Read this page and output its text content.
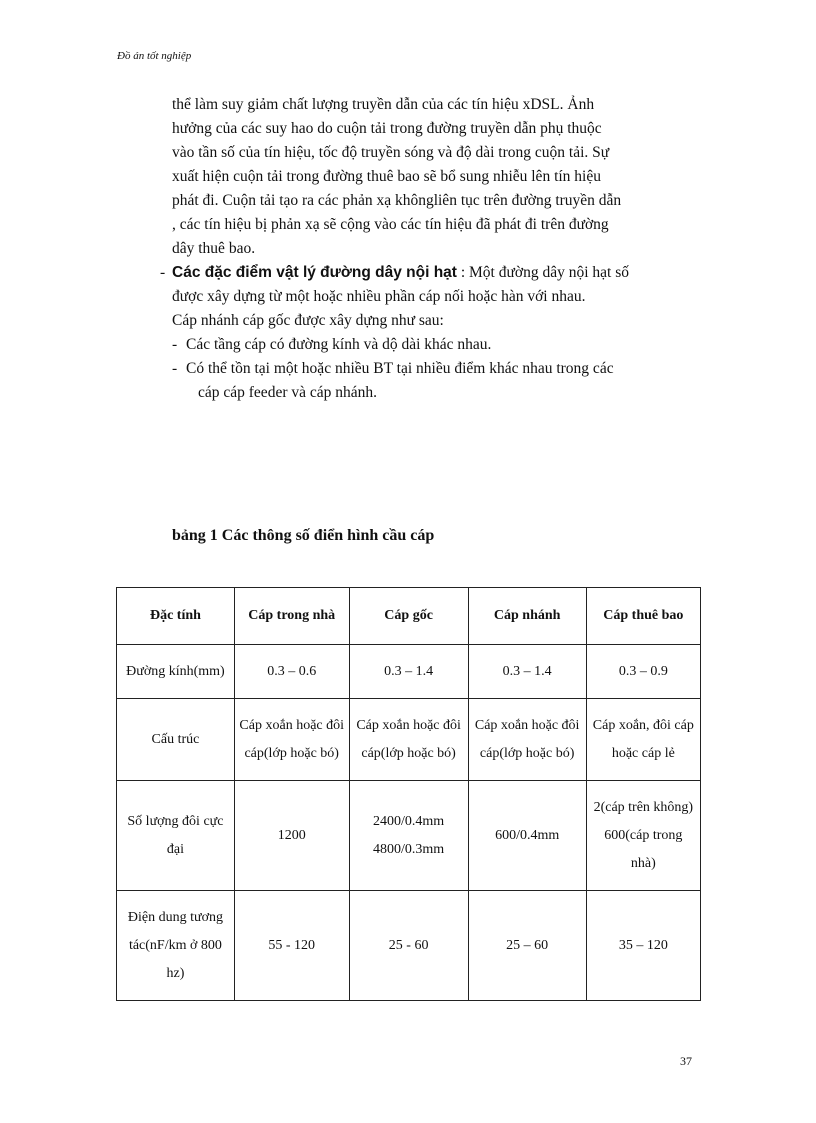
Đồ án tốt nghiệp
thể làm suy giảm chất lượng truyền dẫn của các tín hiệu xDSL. Ảnh
hưởng của các suy hao do cuộn tải trong đường truyền dẫn phụ thuộc
vào tần số của tín hiệu, tốc độ truyền sóng và độ dài trong cuộn tải. Sự
xuất hiện cuộn tải trong đường thuê bao sẽ bổ sung nhiễu lên tín hiệu
phát đi. Cuộn tải tạo ra các phản xạ khôngliên tục trên đường truyền dẫn
, các tín hiệu bị phản xạ sẽ cộng vào các tín hiệu đã phát đi trên đường
dây thuê bao.
- Các đặc điểm vật lý đường dây nội hạt : Một đường dây nội hạt số
được xây dựng từ một hoặc nhiều phần cáp nối hoặc hàn với nhau.
Cáp nhánh cáp gốc được xây dựng như sau:
- Các tầng cáp có đường kính và dộ dài khác nhau.
- Có thể tồn tại một hoặc nhiều BT tại nhiều điểm khác nhau trong các
cáp cáp feeder và cáp nhánh.
bảng 1 Các thông số điển hình cầu cáp
Đặc tính	Cáp trong nhà	Cáp gốc	Cáp nhánh	Cáp thuê bao
Đường kính(mm)	0.3 – 0.6	0.3 – 1.4	0.3 – 1.4	0.3 – 0.9
Cấu trúc	Cáp xoắn hoặc đôi cáp(lớp hoặc bó)	Cáp xoắn hoặc đôi cáp(lớp hoặc bó)	Cáp xoắn hoặc đôi cáp(lớp hoặc bó)	Cáp xoắn, đôi cáp hoặc cáp lẻ
Số lượng đôi cực đại	1200	2400/0.4mm 4800/0.3mm	600/0.4mm	2(cáp trên không) 600(cáp trong nhà)
Điện dung tương tác(nF/km ở 800 hz)	55 - 120	25 - 60	25 – 60	35 – 120
37
